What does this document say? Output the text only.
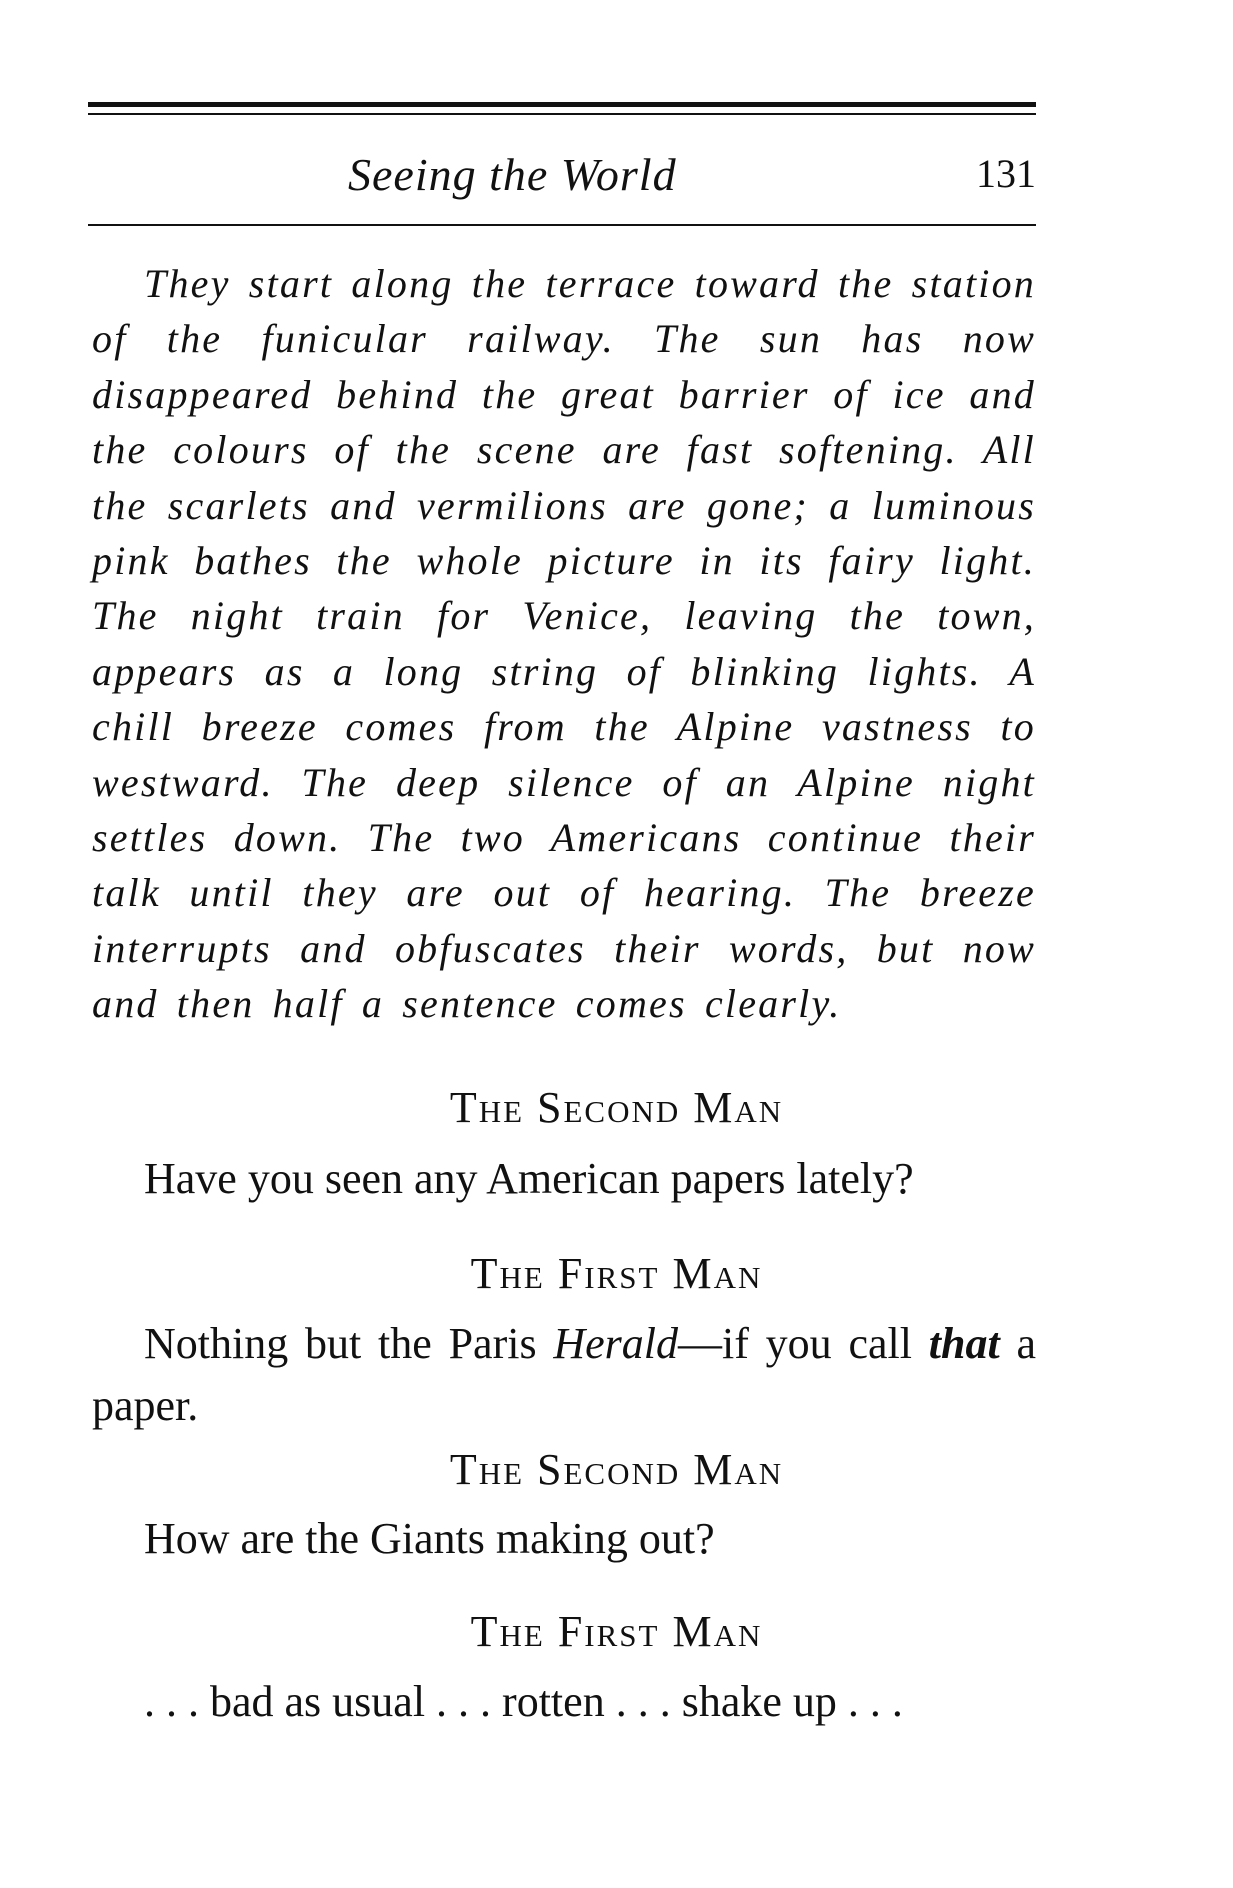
Seeing the World	131

They start along the terrace toward the station of the funicular railway. The sun has now disappeared behind the great barrier of ice and the colours of the scene are fast softening. All the scarlets and vermilions are gone; a luminous pink bathes the whole picture in its fairy light. The night train for Venice, leaving the town, appears as a long string of blinking lights. A chill breeze comes from the Alpine vastness to westward. The deep silence of an Alpine night settles down. The two Americans continue their talk until they are out of hearing. The breeze interrupts and obfuscates their words, but now and then half a sentence comes clearly.

The Second Man

Have you seen any American papers lately?

The First Man

Nothing but the Paris Herald—if you call that a paper.

The Second Man

How are the Giants making out?

The First Man

. . . bad as usual . . . rotten . . . shake up . . .
